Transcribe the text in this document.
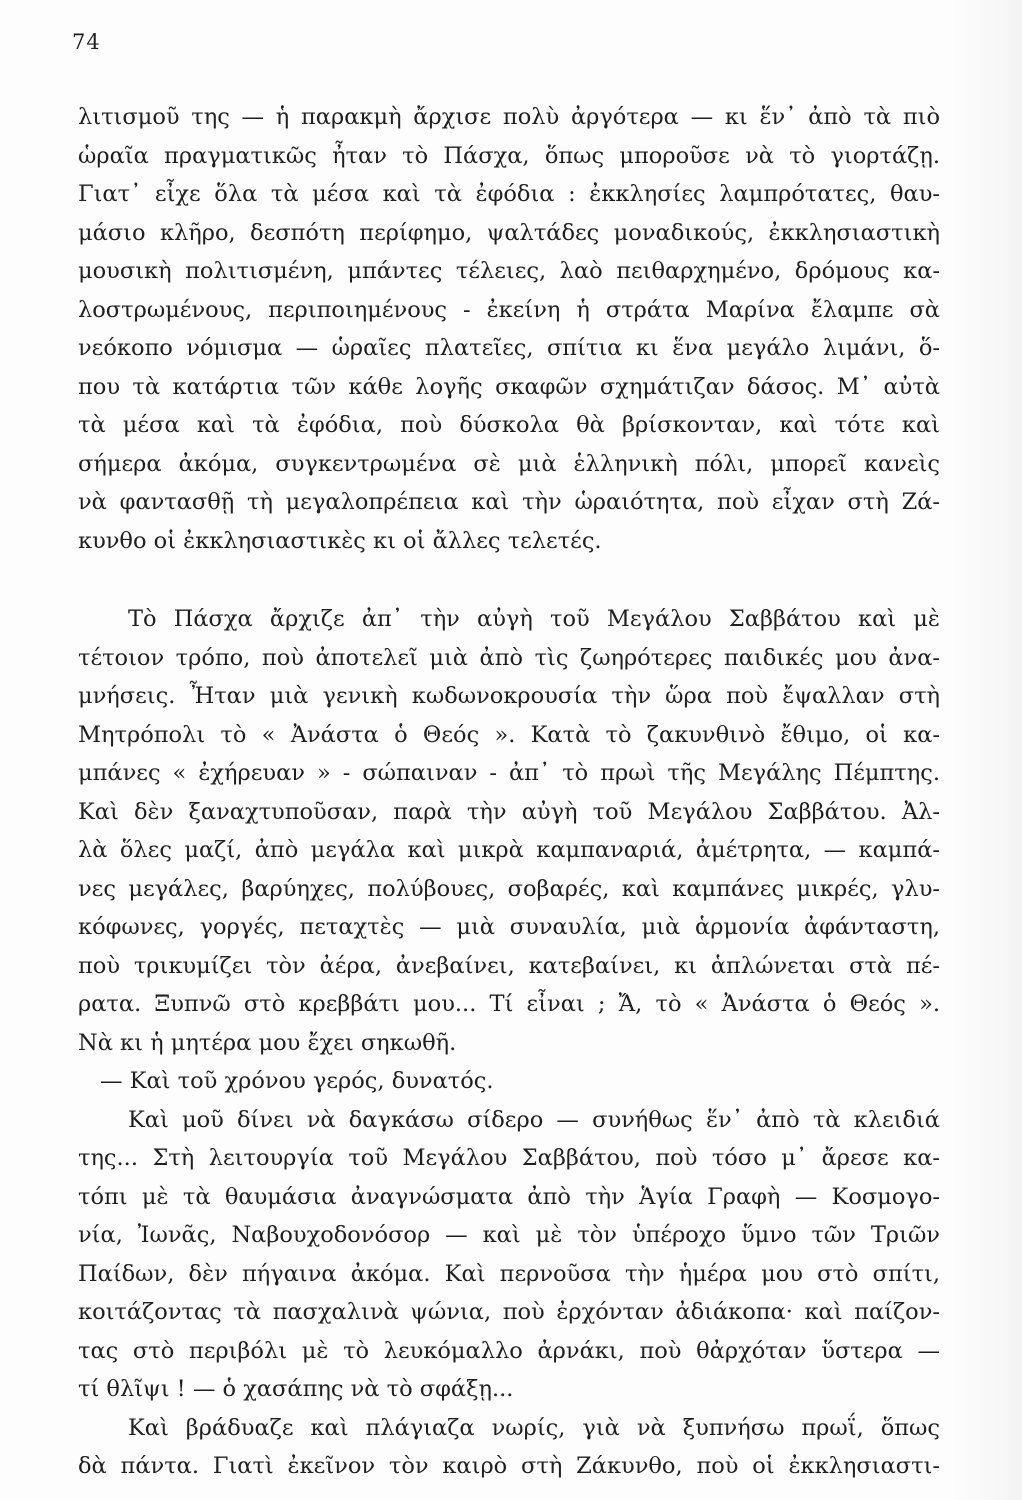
74
λιτισμοῦ της — ἡ παρακμὴ ἄρχισε πολὺ ἀργότερα — κι ἕν᾽ ἀπὸ τὰ πιὸ
ὡραῖα πραγματικῶς ἦταν τὸ Πάσχα, ὅπως μποροῦσε νὰ τὸ γιορτάζῃ.
Γιατ᾽ εἶχε ὅλα τὰ μέσα καὶ τὰ ἐφόδια : ἐκκλησίες λαμπρότατες, θαυ-
μάσιο κλῆρο, δεσπότη περίφημο, ψαλτάδες μοναδικούς, ἐκκλησιαστικὴ
μουσικὴ πολιτισμένη, μπάντες τέλειες, λαὸ πειθαρχημένο, δρόμους κα-
λοστρωμένους, περιποιημένους - ἐκείνη ἡ στράτα Μαρίνα ἔλαμπε σὰ
νεόκοπο νόμισμα — ὡραῖες πλατεῖες, σπίτια κι ἕνα μεγάλο λιμάνι, ὅ-
που τὰ κατάρτια τῶν κάθε λογῆς σκαφῶν σχημάτιζαν δάσος. Μ᾽ αὐτὰ
τὰ μέσα καὶ τὰ ἐφόδια, ποὺ δύσκολα θὰ βρίσκονταν, καὶ τότε καὶ
σήμερα ἀκόμα, συγκεντρωμένα σὲ μιὰ ἑλληνικὴ πόλι, μπορεῖ κανεὶς
νὰ φαντασθῇ τὴ μεγαλοπρέπεια καὶ τὴν ὡραιότητα, ποὺ εἶχαν στὴ Ζά-
κυνθο οἱ ἐκκλησιαστικὲς κι οἱ ἄλλες τελετές.
Τὸ Πάσχα ἄρχιζε ἀπ᾽ τὴν αὐγὴ τοῦ Μεγάλου Σαββάτου καὶ μὲ
τέτοιον τρόπο, ποὺ ἀποτελεῖ μιὰ ἀπὸ τὶς ζωηρότερες παιδικές μου ἀνα-
μνήσεις. Ἦταν μιὰ γενικὴ κωδωνοκρουσία τὴν ὥρα ποὺ ἔψαλλαν στὴ
Μητρόπολι τὸ « Ἀνάστα ὁ Θεός ». Κατὰ τὸ ζακυνθινὸ ἔθιμο, οἱ κα-
μπάνες « ἐχήρευαν » - σώπαιναν - ἀπ᾽ τὸ πρωὶ τῆς Μεγάλης Πέμπτης.
Καὶ δὲν ξαναχτυποῦσαν, παρὰ τὴν αὐγὴ τοῦ Μεγάλου Σαββάτου. Ἀλ-
λὰ ὅλες μαζί, ἀπὸ μεγάλα καὶ μικρὰ καμπαναριά, ἀμέτρητα, — καμπά-
νες μεγάλες, βαρύηχες, πολύβουες, σοβαρές, καὶ καμπάνες μικρές, γλυ-
κόφωνες, γοργές, πεταχτὲς — μιὰ συναυλία, μιὰ ἁρμονία ἀφάνταστη,
ποὺ τρικυμίζει τὸν ἀέρα, ἀνεβαίνει, κατεβαίνει, κι ἁπλώνεται στὰ πέ-
ρατα. Ξυπνῶ στὸ κρεββάτι μου... Τί εἶναι ; Ἄ, τὸ « Ἀνάστα ὁ Θεός ».
Νὰ κι ἡ μητέρα μου ἔχει σηκωθῆ.
— Καὶ τοῦ χρόνου γερός, δυνατός.
Καὶ μοῦ δίνει νὰ δαγκάσω σίδερο — συνήθως ἕν᾽ ἀπὸ τὰ κλειδιά
της... Στὴ λειτουργία τοῦ Μεγάλου Σαββάτου, ποὺ τόσο μ᾽ ἄρεσε κα-
τόπι μὲ τὰ θαυμάσια ἀναγνώσματα ἀπὸ τὴν Ἁγία Γραφὴ — Κοσμογο-
νία, Ἰωνᾶς, Ναβουχοδονόσορ — καὶ μὲ τὸν ὑπέροχο ὕμνο τῶν Τριῶν
Παίδων, δὲν πήγαινα ἀκόμα. Καὶ περνοῦσα τὴν ἡμέρα μου στὸ σπίτι,
κοιτάζοντας τὰ πασχαλινὰ ψώνια, ποὺ ἐρχόνταν ἀδιάκοπα· καὶ παίζον-
τας στὸ περιβόλι μὲ τὸ λευκόμαλλο ἀρνάκι, ποὺ θἀρχόταν ὕστερα —
τί θλῖψι ! — ὁ χασάπης νὰ τὸ σφάξῃ...
Καὶ βράδυαζε καὶ πλάγιαζα νωρίς, γιὰ νὰ ξυπνήσω πρωΐ, ὅπως
δὰ πάντα. Γιατὶ ἐκεῖνον τὸν καιρὸ στὴ Ζάκυνθο, ποὺ οἱ ἐκκλησιαστι-
